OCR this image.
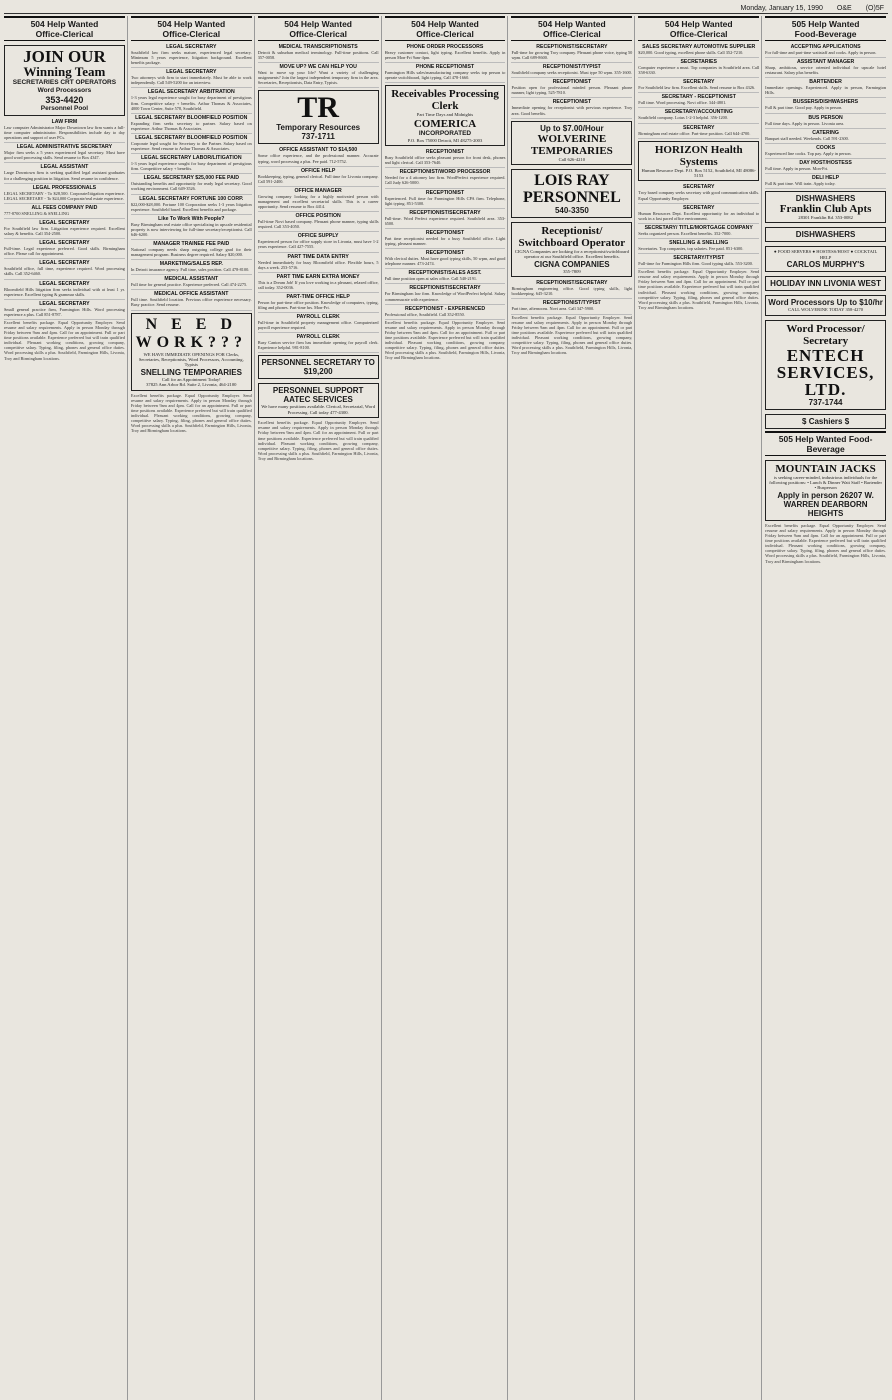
Monday, January 15, 1990 O&E (O)5F
504 Help Wanted
Office-Clerical
JOIN OUR
Winning Team
SECRETARIES CRT OPERATORS Word Processors
353-4420
Personnel Pool
LAW FIRM
Law computer Administrator Major Downtown law firm wants a full-time computer administrator. Responsibilities include day to day operations and support of user PCs.
LEGAL ADMINISTRATIVE SECRETARY
Major firm seeks a 5 years experienced legal secretary. Must have good word processing skills. Send resume to Box 4347.
LEGAL ASSISTANT
Large Downtown firm is seeking qualified legal assistant graduates for a challenging position in litigation. Send resume in confidence.
LEGAL PROFESSIONALS
LEGAL SECRETARY - To $28,500. Corporate/litigation experience. LEGAL SECRETARY - To $24,000 Corporate/real estate experience.
ALL FEES COMPANY PAID
777-8700 SNELLING & SNELLING
LEGAL SECRETARY
For Southfield law firm. Litigation experience required. Excellent salary & benefits. Call 354-2500.
LEGAL SECRETARY
Full-time. Legal experience preferred. Good skills. Birmingham office. Please call for appointment.
LEGAL SECRETARY
Southfield office, full time, experience required. Word processing skills. Call 352-6460.
LEGAL SECRETARY
Bloomfield Hills litigation firm seeks individual with at least 1 yr. experience. Excellent typing & grammar skills.
LEGAL SECRETARY
Small general practice firm, Farmington Hills. Word processing experience a plus. Call 851-8787.
Excellent benefits package. Equal Opportunity Employer. Send resume and salary requirements. Apply in person Monday through Friday between 9am and 4pm. Call for an appointment. Full or part time positions available. Experience preferred but will train qualified individual. Pleasant working conditions, growing company, competitive salary. Typing, filing, phones and general office duties. Word processing skills a plus. Southfield, Farmington Hills, Livonia, Troy and Birmingham locations.
504 Help Wanted
Office-Clerical
LEGAL SECRETARY
Southfield law firm seeks mature, experienced legal secretary. Minimum 5 years experience, litigation background. Excellent benefits package.
LEGAL SECRETARY
Two attorneys with firm to start immediately. Must be able to work independently. Call 549-5200 for an interview.
LEGAL SECRETARY ARBITRATION
1-3 years legal experience sought for busy department of prestigious firm. Competitive salary + benefits. Arthur Thomas & Associates, 4000 Town Center, Suite 578, Southfield.
LEGAL SECRETARY BLOOMFIELD POSITION
Expanding firm seeks secretary to partner. Salary based on experience. Arthur Thomas & Associates.
LEGAL SECRETARY BLOOMFIELD POSITION
Corporate legal sought for Secretary to the Partner. Salary based on experience. Send resume to Arthur Thomas & Associates.
LEGAL SECRETARY LABOR/LITIGATION
1-3 years legal experience sought for busy department of prestigious firm. Competitive salary + benefits.
LEGAL SECRETARY $25,000 FEE PAID
Outstanding benefits and opportunity for ready legal secretary. Good working environment. Call 649-3526.
LEGAL SECRETARY FORTUNE 100 CORP.
$22,000-$28,000. Fortune 100 Corporation seeks 1-3 years litigation experience. Southfield based. Excellent benefits and package.
Like To Work With People?
Busy Birmingham real estate office specializing in upscale residential property is now interviewing for full-time secretary/receptionist. Call 646-6200.
MANAGER TRAINEE FEE PAID
National company needs sharp outgoing college grad for their management program. Business degree required. Salary $20,000.
MARKETING/SALES REP.
In Detroit insurance agency. Full time, sales position. Call 478-8100.
MEDICAL ASSISTANT
Full time for general practice. Experience preferred. Call 474-2275.
MEDICAL OFFICE ASSISTANT
Full time. Southfield location. Previous office experience necessary. Busy practice. Send resume.
N E E D WORK???
WE HAVE IMMEDIATE OPENINGS FOR Clerks, Secretaries, Receptionists, Word Processors, Accounting, Typists
SNELLING TEMPORARIES
Call for an Appointment Today!
37825 Ann Arbor Rd. Suite 2, Livonia, 464-2100
Excellent benefits package. Equal Opportunity Employer. Send resume and salary requirements. Apply in person Monday through Friday between 9am and 4pm. Call for an appointment. Full or part time positions available. Experience preferred but will train qualified individual. Pleasant working conditions, growing company, competitive salary. Typing, filing, phones and general office duties. Word processing skills a plus. Southfield, Farmington Hills, Livonia, Troy and Birmingham locations.
504 Help Wanted
Office-Clerical
MEDICAL TRANSCRIPTIONISTS
Detroit & suburban medical terminology. Full-time positions. Call 357-0058.
MOVE UP? WE CAN HELP YOU
Want to move up your life? Want a variety of challenging assignments? Join the largest independent temporary firm in the area. Secretaries, Receptionists, Data Entry, Typists.
TR
Temporary Resources
737-1711
OFFICE ASSISTANT TO $14,500
Some office experience, and the professional manner. Accurate typing, word processing a plus. Fee paid. 712-5752.
OFFICE HELP
Bookkeeping, typing, general clerical. Full time for Livonia company. Call 591-2400.
OFFICE MANAGER
Growing company looking for a highly motivated person with management and excellent secretarial skills. This is a career opportunity. Send resume to Box 4414.
OFFICE POSITION
Full-time Novi based company. Pleasant phone manner, typing skills required. Call 353-4050.
OFFICE SUPPLY
Experienced person for office supply store in Livonia, must have 1-2 years experience. Call 427-7555.
PART TIME DATA ENTRY
Needed immediately for busy Bloomfield office. Flexible hours, 5 days a week. 253-5716.
PART TIME EARN EXTRA MONEY
This is a Dream Job! If you love working in a pleasant, relaxed office, call today. 352-0036.
PART-TIME OFFICE HELP
Person for part-time office position. Knowledge of computers, typing, filing and phones. Part-time hrs. Mon-Fri.
PAYROLL CLERK
Full-time in Southfield property management office. Computerized payroll experience required.
PAYROLL CLERK
Busy Canton service firm has immediate opening for payroll clerk. Experience helpful. 981-8100.
PERSONNEL SECRETARY TO $19,200
PERSONNEL SUPPORT AATEC SERVICES
We have many positions available. Clerical, Secretarial, Word Processing. Call today 477-4300.
Excellent benefits package. Equal Opportunity Employer. Send resume and salary requirements. Apply in person Monday through Friday between 9am and 4pm. Call for an appointment. Full or part time positions available. Experience preferred but will train qualified individual. Pleasant working conditions, growing company, competitive salary. Typing, filing, phones and general office duties. Word processing skills a plus. Southfield, Farmington Hills, Livonia, Troy and Birmingham locations.
504 Help Wanted
Office-Clerical
PHONE ORDER PROCESSORS
Heavy customer contact, light typing. Excellent benefits. Apply in person Mon-Fri 9am-4pm.
PHONE RECEPTIONIST
Farmington Hills sales/manufacturing company seeks top person to operate switchboard, light typing. Call 478-1660.
Receivables Processing Clerk
Part Time Days and Midnights
COMERICA
INCORPORATED
P.O. Box 75000 Detroit, MI 48275-2003
RECEPTIONIST
Busy Southfield office seeks pleasant person for front desk, phones and light clerical. Call 353-7640.
RECEPTIONIST/WORD PROCESSOR
Needed for a 4 attorney law firm. WordPerfect experience required. Call Judy 626-5000.
RECEPTIONIST
Experienced. Full time for Farmington Hills CPA firm. Telephone, light typing. 851-5300.
RECEPTIONIST/SECRETARY
Full-time. Word Perfect experience required. Southfield area. 353-6500.
RECEPTIONIST
Part time receptionist needed for a busy Southfield office. Light typing, pleasant manner.
RECEPTIONIST
With clerical duties. Must have good typing skills, 50 wpm, and good telephone manner. 473-2474.
RECEPTIONIST/SALES ASST.
Full time position open at sales office. Call 540-2191.
RECEPTIONIST/SECRETARY
For Birmingham law firm. Knowledge of WordPerfect helpful. Salary commensurate with experience.
RECEPTIONIST - EXPERIENCED
Professional office, Southfield. Call 352-8550.
Excellent benefits package. Equal Opportunity Employer. Send resume and salary requirements. Apply in person Monday through Friday between 9am and 4pm. Call for an appointment. Full or part time positions available. Experience preferred but will train qualified individual. Pleasant working conditions, growing company, competitive salary. Typing, filing, phones and general office duties. Word processing skills a plus. Southfield, Farmington Hills, Livonia, Troy and Birmingham locations.
504 Help Wanted
Office-Clerical
RECEPTIONIST/SECRETARY
Full-time for growing Troy company. Pleasant phone voice, typing 50 wpm. Call 689-8600.
RECEPTIONIST/TYPIST
Southfield company seeks receptionist. Must type 50 wpm. 355-1600.
RECEPTIONIST
Position open for professional minded person. Pleasant phone manner, light typing. 525-7810.
RECEPTIONIST
Immediate opening for receptionist with previous experience. Troy area. Good benefits.
Up to $7.00/Hour
WOLVERINE TEMPORARIES
Call 626-4210
LOIS RAY PERSONNEL
540-3350
Receptionist/ Switchboard Operator
CIGNA Companies are looking for a receptionist/switchboard operator at our Southfield office. Excellent benefits.
CIGNA COMPANIES
355-7809
RECEPTIONIST/SECRETARY
Birmingham engineering office. Good typing skills, light bookkeeping. 645-3210.
RECEPTIONIST/TYPIST
Part time, afternoons. Novi area. Call 347-5900.
Excellent benefits package. Equal Opportunity Employer. Send resume and salary requirements. Apply in person Monday through Friday between 9am and 4pm. Call for an appointment. Full or part time positions available. Experience preferred but will train qualified individual. Pleasant working conditions, growing company, competitive salary. Typing, filing, phones and general office duties. Word processing skills a plus. Southfield, Farmington Hills, Livonia, Troy and Birmingham locations.
504 Help Wanted
Office-Clerical
SALES SECRETARY AUTOMOTIVE SUPPLIER
$20,000. Good typing, excellent phone skills. Call 352-7210.
SECRETARIES
Computer experience a must. Top companies in Southfield area. Call 358-6330.
SECRETARY
For Southfield law firm. Excellent skills. Send resume to Box 4326.
SECRETARY - RECEPTIONIST
Full time. Word processing. Novi office. 344-4801.
SECRETARY/ACCOUNTING
Southfield company. Lotus 1-2-3 helpful. 356-1200.
SECRETARY
Birmingham real estate office. Part-time position. Call 644-4700.
HORIZON Health Systems
Human Resource Dept. P.O. Box 5152, Southfield, MI 48086-5153
SECRETARY
Troy based company seeks secretary with good communication skills. Equal Opportunity Employer.
SECRETARY
Human Resources Dept. Excellent opportunity for an individual to work in a fast paced office environment.
SECRETARY/ TITLE/MORTGAGE COMPANY
Seeks organized person. Excellent benefits. 352-7000.
SNELLING & SNELLING
Secretaries. Top companies, top salaries. Fee paid. 851-6300.
SECRETARY/TYPIST
Full-time for Farmington Hills firm. Good typing skills. 553-3200.
Excellent benefits package. Equal Opportunity Employer. Send resume and salary requirements. Apply in person Monday through Friday between 9am and 4pm. Call for an appointment. Full or part time positions available. Experience preferred but will train qualified individual. Pleasant working conditions, growing company, competitive salary. Typing, filing, phones and general office duties. Word processing skills a plus. Southfield, Farmington Hills, Livonia, Troy and Birmingham locations.
505 Help Wanted
Food-Beverage
ACCEPTING APPLICATIONS
For full-time and part-time waitstaff and cooks. Apply in person.
ASSISTANT MANAGER
Sharp, ambitious, service oriented individual for upscale hotel restaurant. Salary plus benefits.
BARTENDER
Immediate openings. Experienced. Apply in person, Farmington Hills.
BUSSERS/DISHWASHERS
Full & part time. Good pay. Apply in person.
BUS PERSON
Full time days. Apply in person. Livonia area.
CATERING
Banquet staff needed. Weekends. Call 591-2300.
COOKS
Experienced line cooks. Top pay. Apply in person.
DAY HOST/HOSTESS
Full time. Apply in person. Mon-Fri.
DELI HELP
Full & part time. Will train. Apply today.
DISHWASHERS
Franklin Club Apts
28301 Franklin Rd. 353-0082
DISHWASHERS
● FOOD SERVERS ● HOSTESS/HOST ● COCKTAIL HELP
CARLOS MURPHY'S
HOLIDAY INN LIVONIA WEST
Word Processors Up to $10/hr
CALL WOLVERINE TODAY 358-4270
Word Processor/ Secretary
ENTECH SERVICES, LTD.
737-1744
$ Cashiers $
505 Help Wanted Food-Beverage
MOUNTAIN JACKS
is seeking career-minded, industrious individuals for the following positions: • Lunch & Dinner Wait Staff • Bartender • Busperson
Apply in person 26207 W. WARREN DEARBORN HEIGHTS
Excellent benefits package. Equal Opportunity Employer. Send resume and salary requirements. Apply in person Monday through Friday between 9am and 4pm. Call for an appointment. Full or part time positions available. Experience preferred but will train qualified individual. Pleasant working conditions, growing company, competitive salary. Typing, filing, phones and general office duties. Word processing skills a plus. Southfield, Farmington Hills, Livonia, Troy and Birmingham locations.
